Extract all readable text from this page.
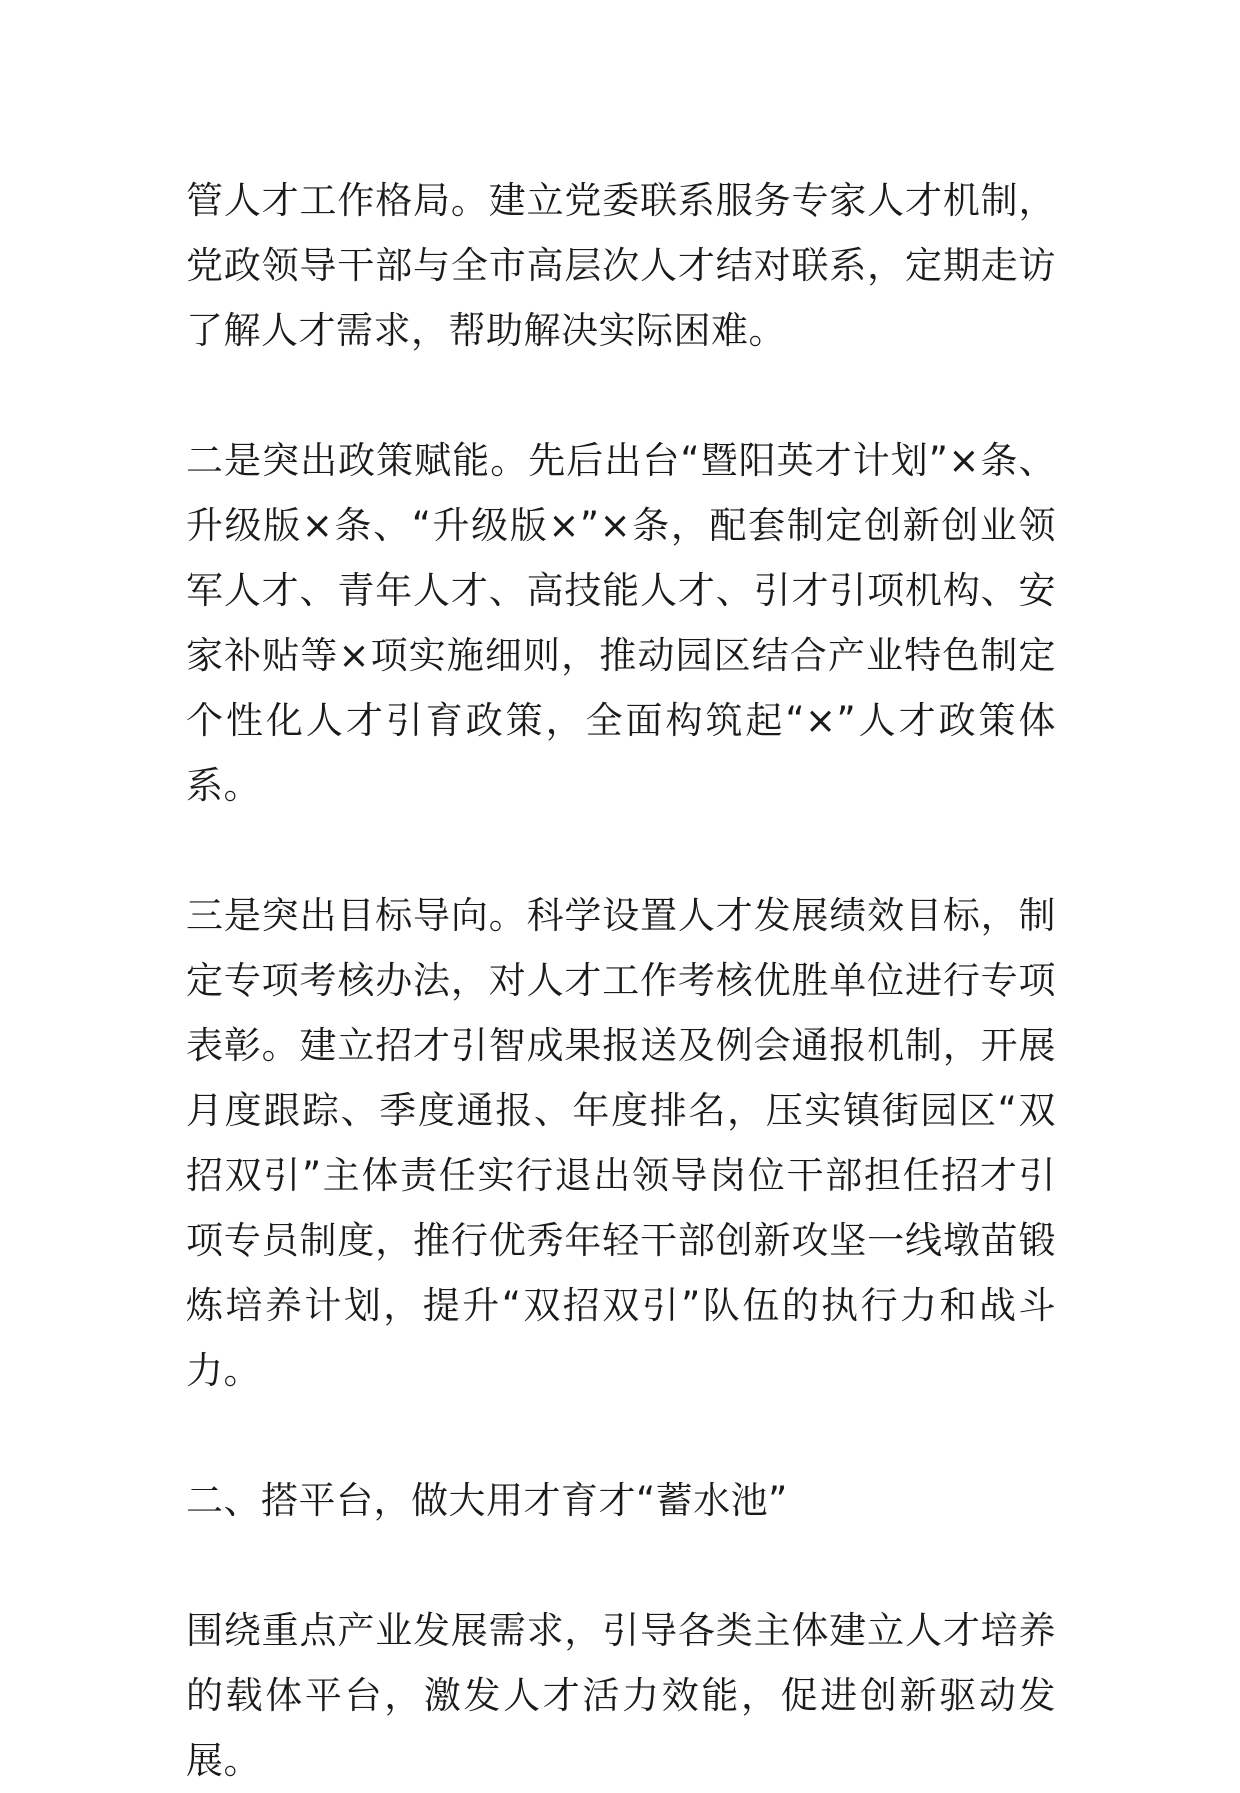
管人才工作格局。建立党委联系服务专家人才机制，党政领导干部与全市高层次人才结对联系，定期走访了解人才需求，帮助解决实际困难。

二是突出政策赋能。先后出台“暨阳英才计划”×条、升级版×条、“升级版×”×条，配套制定创新创业领军人才、青年人才、高技能人才、引才引项机构、安家补贴等×项实施细则，推动园区结合产业特色制定个性化人才引育政策，全面构筑起“×”人才政策体系。

三是突出目标导向。科学设置人才发展绩效目标，制定专项考核办法，对人才工作考核优胜单位进行专项表彰。建立招才引智成果报送及例会通报机制，开展月度跟踪、季度通报、年度排名，压实镇街园区“双招双引”主体责任实行退出领导岗位干部担任招才引项专员制度，推行优秀年轻干部创新攻坚一线墩苗锻炼培养计划，提升“双招双引”队伍的执行力和战斗力。

二、搭平台，做大用才育才“蓄水池”

围绕重点产业发展需求，引导各类主体建立人才培养的载体平台，激发人才活力效能，促进创新驱动发展。
